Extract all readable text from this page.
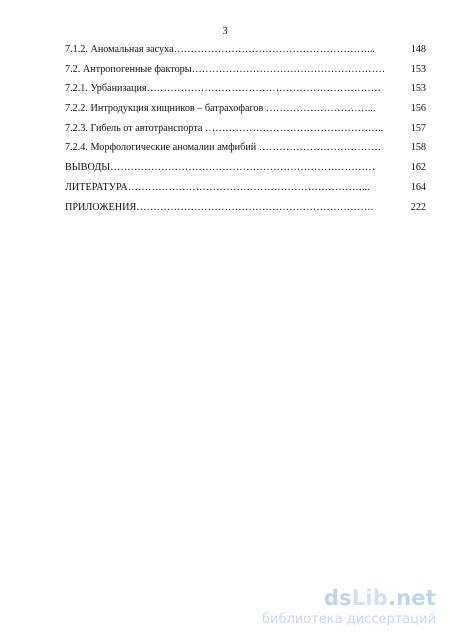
3
7.1.2. Аномальная засуха…………………………………………………...	148
7.2. Антропогенные факторы…………………………………………………	153
7.2.1. Урбанизация……………………………………………………………	153
7.2.2. Интродукция хищников – батрахофагов …………………………...	156
7.2.3. Гибель от автотранспорта ……………………………………………..	157
7.2.4. Морфологические аномалии амфибий ………………………………	158
ВЫВОДЫ……………………………………………………………………	162
ЛИТЕРАТУРА……………………………………………………………...	164
ПРИЛОЖЕНИЯ…………………………………………………………….	222
dsLib.net
библиотека диссертаций
